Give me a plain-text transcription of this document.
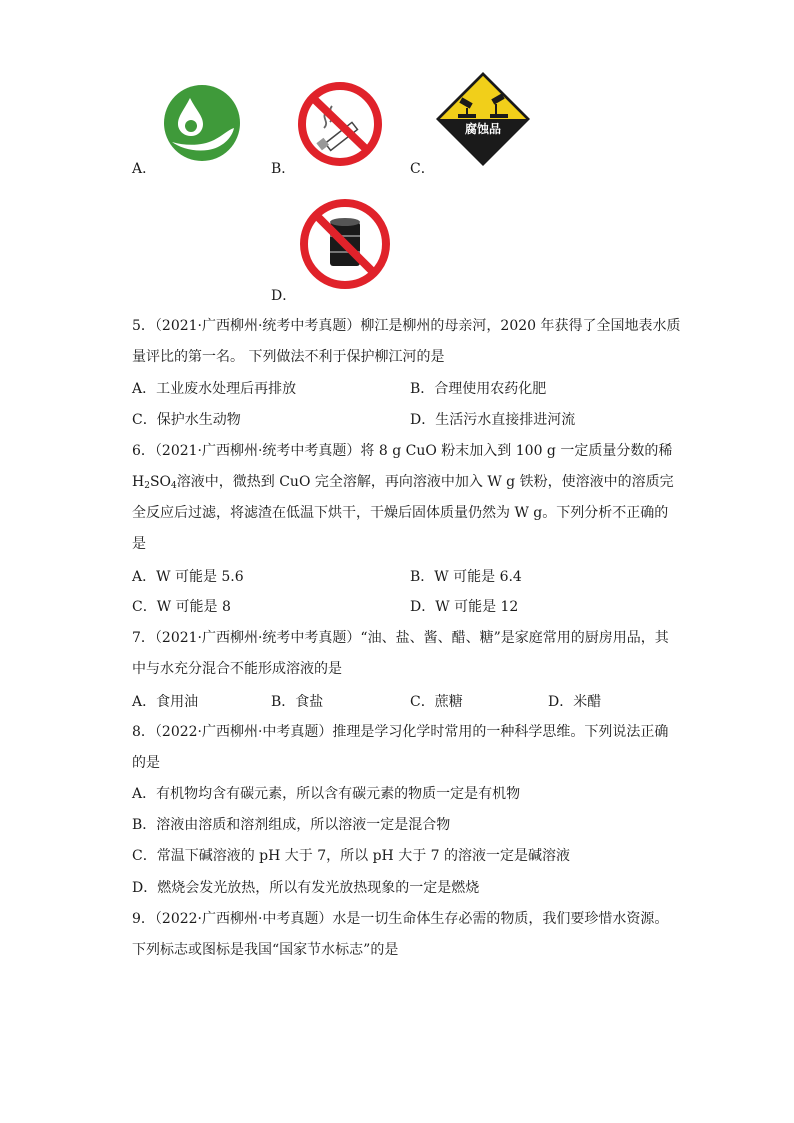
A．	B．	C．
腐蚀品
D．
5．（2021·广西柳州·统考中考真题）柳江是柳州的母亲河，2020 年获得了全国地表水质
量评比的第一名。 下列做法不利于保护柳江河的是
A．工业废水处理后再排放	B．合理使用农药化肥
C．保护水生动物	D．生活污水直接排进河流
6．（2021·广西柳州·统考中考真题）将 8 g CuO 粉末加入到 100 g 一定质量分数的稀
$H_2SO_4$溶液中，微热到 CuO 完全溶解，再向溶液中加入 W g 铁粉，使溶液中的溶质完
全反应后过滤，将滤渣在低温下烘干，干燥后固体质量仍然为 W g。下列分析不正确的
是
A．W 可能是 5.6	B．W 可能是 6.4
C．W 可能是 8	D．W 可能是 12
7．（2021·广西柳州·统考中考真题）“油、盐、酱、醋、糖”是家庭常用的厨房用品，其
中与水充分混合不能形成溶液的是
A．食用油	B．食盐	C．蔗糖	D．米醋
8．（2022·广西柳州·中考真题）推理是学习化学时常用的一种科学思维。下列说法正确
的是
A．有机物均含有碳元素，所以含有碳元素的物质一定是有机物
B．溶液由溶质和溶剂组成，所以溶液一定是混合物
C．常温下碱溶液的 pH 大于 7，所以 pH 大于 7 的溶液一定是碱溶液
D．燃烧会发光放热，所以有发光放热现象的一定是燃烧
9．（2022·广西柳州·中考真题）水是一切生命体生存必需的物质，我们要珍惜水资源。
下列标志或图标是我国“国家节水标志”的是
